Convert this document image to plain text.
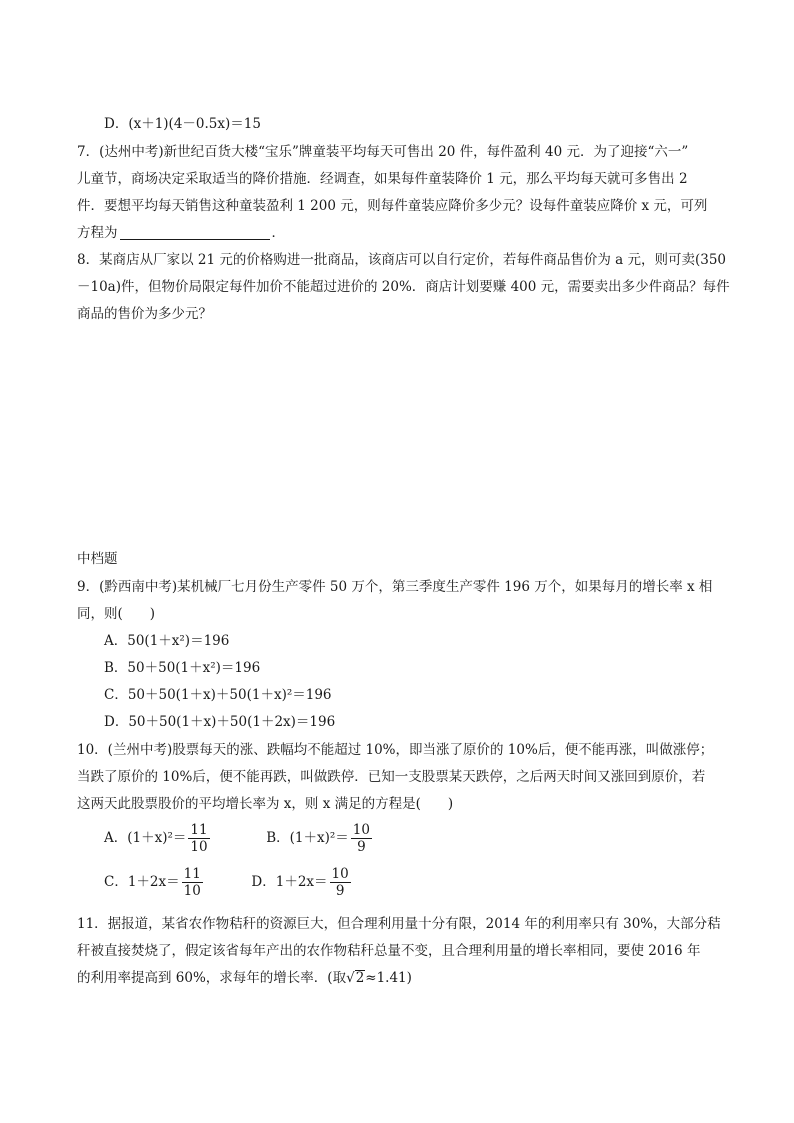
D．(x＋1)(4－0.5x)＝15
7．(达州中考)新世纪百货大楼“宝乐”牌童装平均每天可售出 20 件，每件盈利 40 元．为了迎接“六一”
儿童节，商场决定采取适当的降价措施．经调查，如果每件童装降价 1 元，那么平均每天就可多售出 2
件．要想平均每天销售这种童装盈利 1 200 元，则每件童装应降价多少元？设每件童装应降价 x 元，可列
方程为	．
8．某商店从厂家以 21 元的价格购进一批商品，该商店可以自行定价，若每件商品售价为 a 元，则可卖(350
－10a)件，但物价局限定每件加价不能超过进价的 20%．商店计划要赚 400 元，需要卖出多少件商品？每件
商品的售价为多少元？
中档题
9．(黔西南中考)某机械厂七月份生产零件 50 万个，第三季度生产零件 196 万个，如果每月的增长率 x 相
同，则(　　)
A．50(1＋x²)＝196
B．50＋50(1＋x²)＝196
C．50＋50(1＋x)＋50(1＋x)²＝196
D．50＋50(1＋x)＋50(1＋2x)＝196
10．(兰州中考)股票每天的涨、跌幅均不能超过 10%，即当涨了原价的 10%后，便不能再涨，叫做涨停；
当跌了原价的 10%后，便不能再跌，叫做跌停．已知一支股票某天跌停，之后两天时间又涨回到原价，若
这两天此股票股价的平均增长率为 x，则 x 满足的方程是(　　)
A．$(1+x)^2= \frac{11}{10}$	B．$(1+x)^2= \frac{10}{9}$
C．$1+2x= \frac{11}{10}$	D．$1+2x= \frac{10}{9}$
11．据报道，某省农作物秸秆的资源巨大，但合理利用量十分有限，2014 年的利用率只有 30%，大部分秸
秆被直接焚烧了，假定该省每年产出的农作物秸秆总量不变，且合理利用量的增长率相同，要使 2016 年
的利用率提高到 60%，求每年的增长率．(取√2≈1.41)
